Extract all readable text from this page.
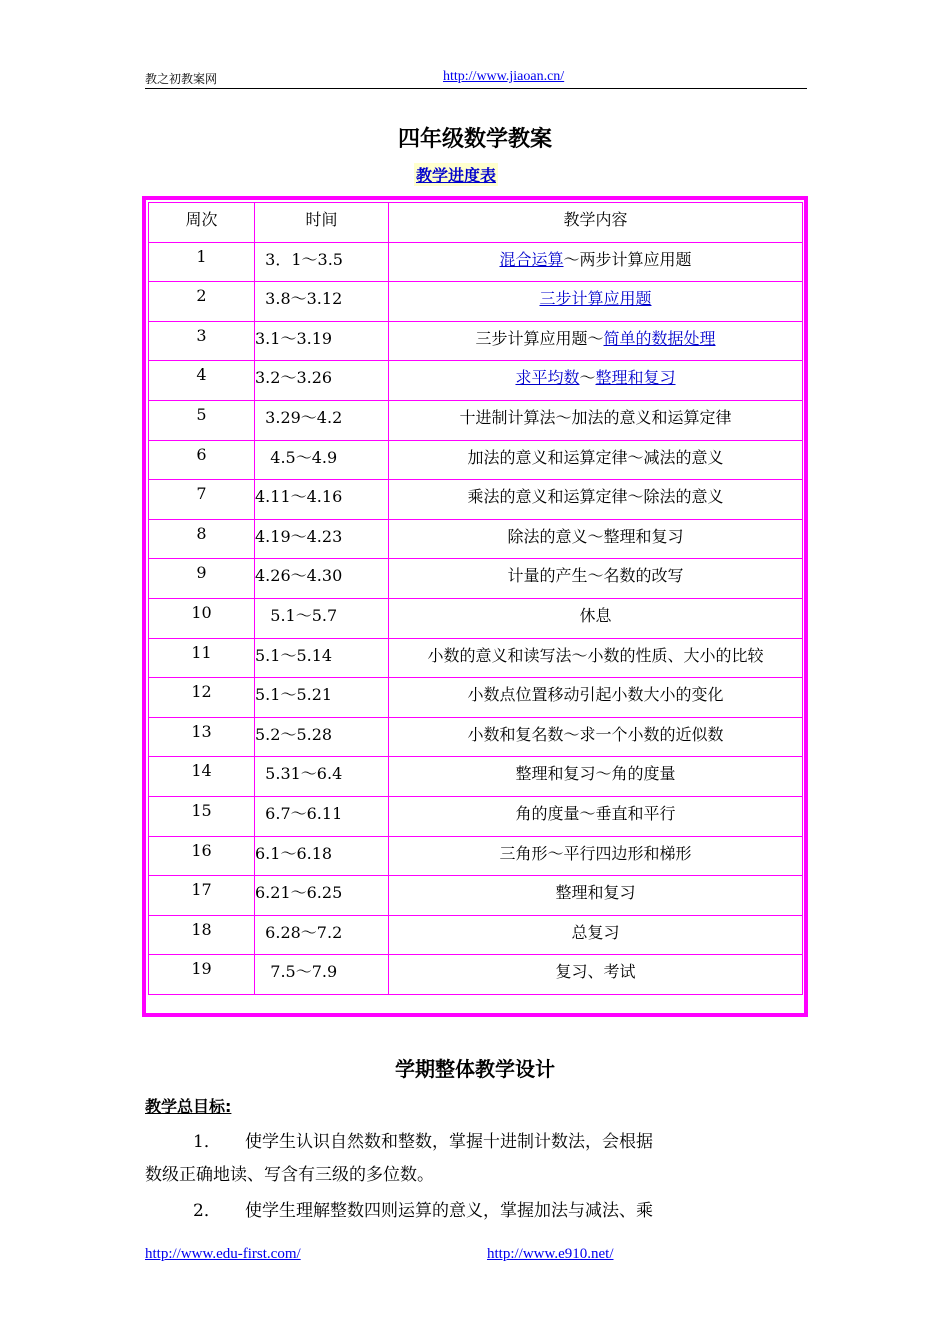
教之初教案网	http://www.jiaoan.cn/
四年级数学教案
教学进度表
周次	时间	教学内容
1	3．1～3.5	混合运算～两步计算应用题
2	3.8～3.12	三步计算应用题
3	3.1～3.19	三步计算应用题～简单的数据处理
4	3.2～3.26	求平均数～整理和复习
5	3.29～4.2	十进制计算法～加法的意义和运算定律
6	4.5～4.9	加法的意义和运算定律～减法的意义
7	4.11～4.16	乘法的意义和运算定律～除法的意义
8	4.19～4.23	除法的意义～整理和复习
9	4.26～4.30	计量的产生～名数的改写
10	5.1～5.7	休息
11	5.1～5.14	小数的意义和读写法～小数的性质、大小的比较
12	5.1～5.21	小数点位置移动引起小数大小的变化
13	5.2～5.28	小数和复名数～求一个小数的近似数
14	5.31～6.4	整理和复习～角的度量
15	6.7～6.11	角的度量～垂直和平行
16	6.1～6.18	三角形～平行四边形和梯形
17	6.21～6.25	整理和复习
18	6.28～7.2	总复习
19	7.5～7.9	复习、考试
学期整体教学设计
教学总目标:
1． 使学生认识自然数和整数，掌握十进制计数法，会根据
数级正确地读、写含有三级的多位数。
2． 使学生理解整数四则运算的意义，掌握加法与减法、乘
http://www.edu-first.com/	http://www.e910.net/
